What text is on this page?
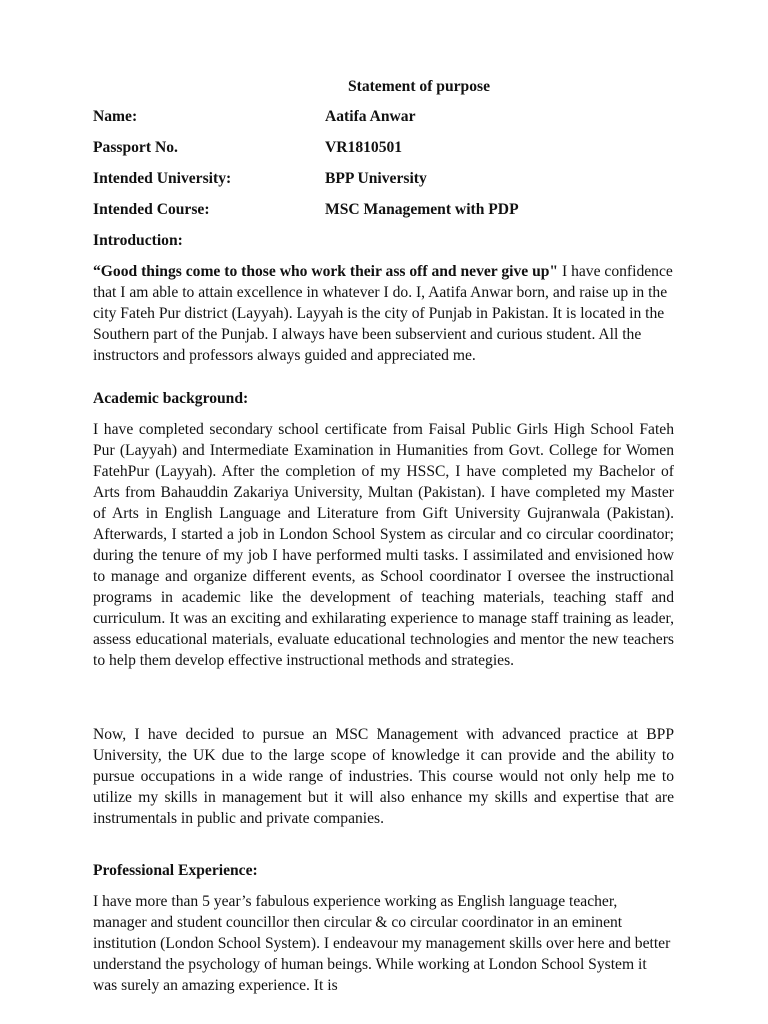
Statement of purpose
Name:	Aatifa Anwar
Passport No.	VR1810501
Intended University:	BPP University
Intended Course:	MSC Management with PDP
Introduction:
“Good things come to those who work their ass off and never give up" I have confidence that I am able to attain excellence in whatever I do. I, Aatifa Anwar born, and raise up in the city Fateh Pur district (Layyah). Layyah is the city of Punjab in Pakistan. It is located in the Southern part of the Punjab. I always have been subservient and curious student. All the instructors and professors always guided and appreciated me.
Academic background:
I have completed secondary school certificate from Faisal Public Girls High School Fateh Pur (Layyah) and Intermediate Examination in Humanities from Govt. College for Women FatehPur (Layyah). After the completion of my HSSC, I have completed my Bachelor of Arts from Bahauddin Zakariya University, Multan (Pakistan). I have completed my Master of Arts in English Language and Literature from Gift University Gujranwala (Pakistan). Afterwards, I started a job in London School System as circular and co circular coordinator; during the tenure of my job I have performed multi tasks. I assimilated and envisioned how to manage and organize different events, as School coordinator I oversee the instructional programs in academic like the development of teaching materials, teaching staff and curriculum. It was an exciting and exhilarating experience to manage staff training as leader, assess educational materials, evaluate educational technologies and mentor the new teachers to help them develop effective instructional methods and strategies.
Now, I have decided to pursue an MSC Management with advanced practice at BPP University, the UK due to the large scope of knowledge it can provide and the ability to pursue occupations in a wide range of industries. This course would not only help me to utilize my skills in management but it will also enhance my skills and expertise that are instrumentals in public and private companies.
Professional Experience:
I have more than 5 year’s fabulous experience working as English language teacher, manager and student councillor then circular & co circular coordinator in an eminent institution (London School System). I endeavour my management skills over here and better understand the psychology of human beings. While working at London School System it was surely an amazing experience. It is
